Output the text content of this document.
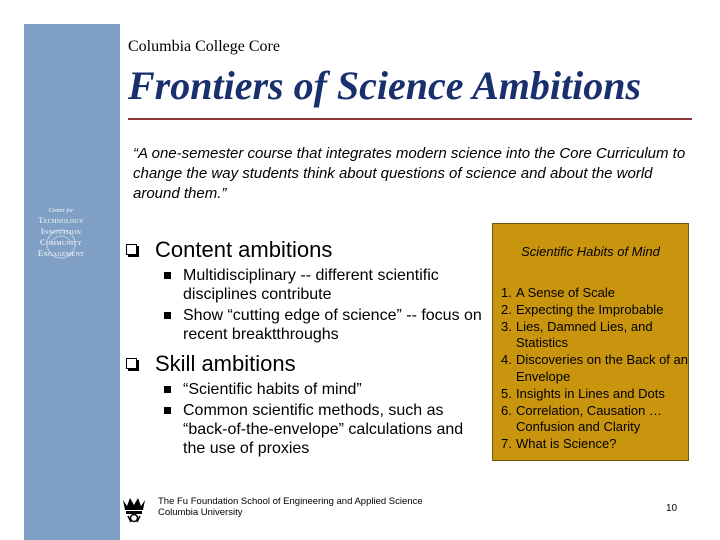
Center for
Technology
Innovation
Community
Engagement
Columbia College Core
Frontiers of Science Ambitions
“A one-semester course that integrates modern science into the Core Curriculum to change the way students think about questions of science and about the world around them.”
Content ambitions
Multidisciplinary -- different scientific disciplines contribute
Show “cutting edge of science” -- focus on recent breaktthroughs
Skill ambitions
“Scientific habits of mind”
Common scientific methods, such as “back-of-the-envelope” calculations and the use of proxies
Scientific Habits of Mind
1. A Sense of Scale
2. Expecting the Improbable
3. Lies, Damned Lies, and Statistics
4. Discoveries on the Back of an Envelope
5. Insights in Lines and Dots
6. Correlation, Causation … Confusion and Clarity
7. What is Science?
The Fu Foundation School of Engineering and Applied Science
Columbia University	10
